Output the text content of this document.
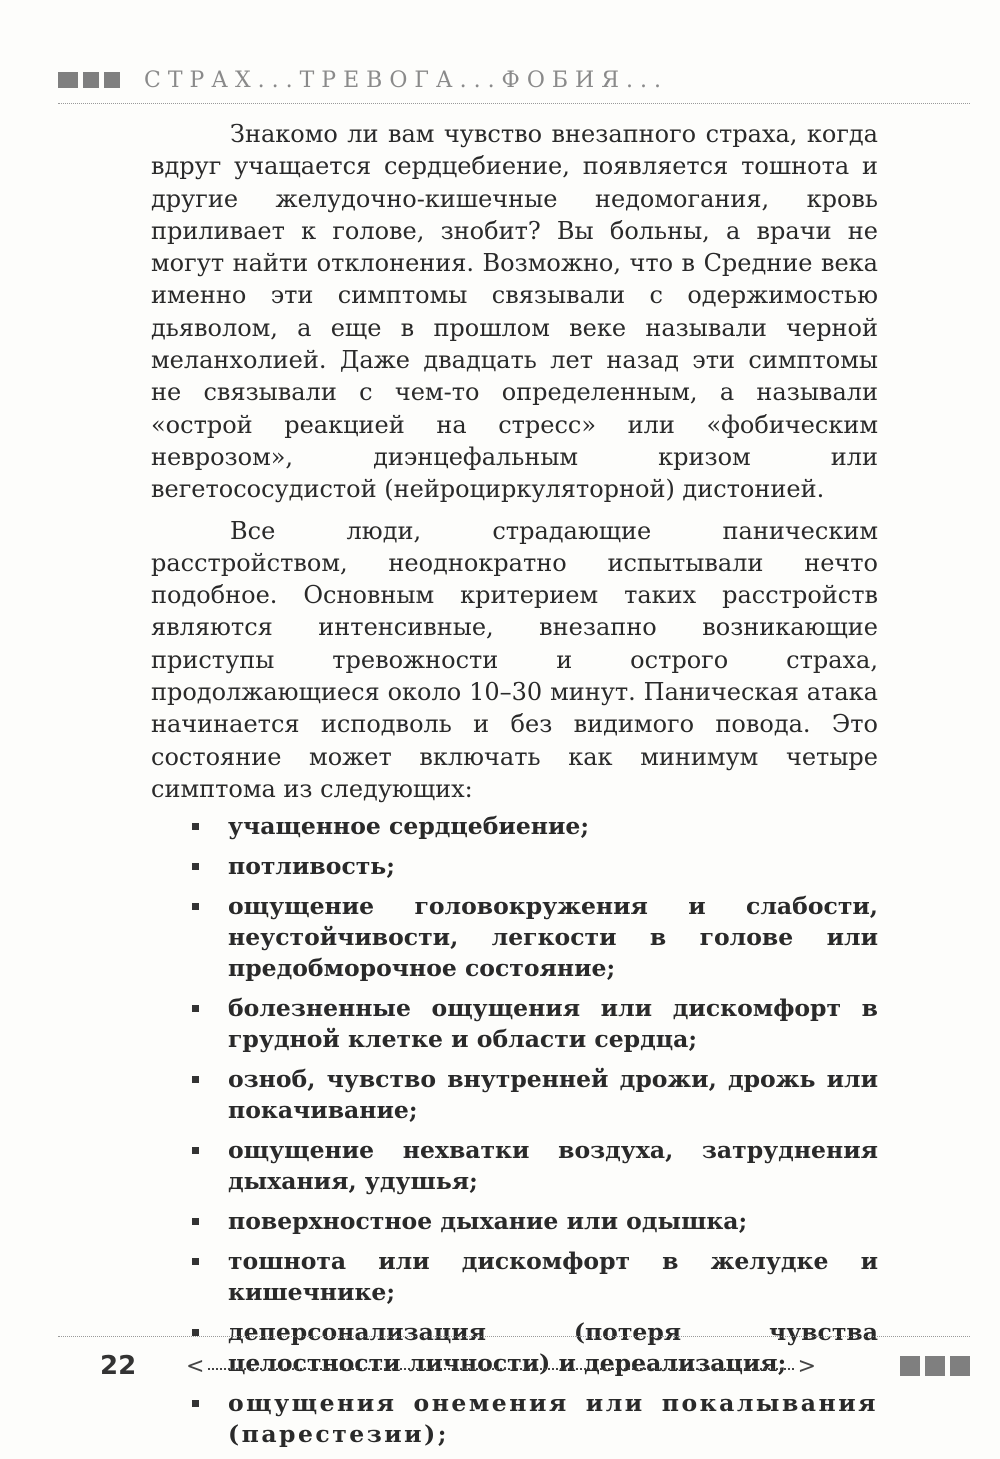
СТРАХ...ТРЕВОГА...ФОБИЯ...

Знакомо ли вам чувство внезапного страха, когда вдруг учащается сердцебиение, появляется тошнота и другие желудочно-кишечные недомогания, кровь приливает к голове, знобит? Вы больны, а врачи не могут найти отклонения. Возможно, что в Средние века именно эти симптомы связывали с одержимостью дьяволом, а еще в прошлом веке называли черной меланхолией. Даже двадцать лет назад эти симптомы не связывали с чем-то определенным, а называли «острой реакцией на стресс» или «фобическим неврозом», диэнцефальным кризом или вегетососудистой (нейроциркуляторной) дистонией.

Все люди, страдающие паническим расстройством, неоднократно испытывали нечто подобное. Основным критерием таких расстройств являются интенсивные, внезапно возникающие приступы тревожности и острого страха, продолжающиеся около 10–30 минут. Паническая атака начинается исподволь и без видимого повода. Это состояние может включать как минимум четыре симптома из следующих:

учащенное сердцебиение;
потливость;
ощущение головокружения и слабости, неустойчивости, легкости в голове или предобморочное состояние;
болезненные ощущения или дискомфорт в грудной клетке и области сердца;
озноб, чувство внутренней дрожи, дрожь или покачивание;
ощущение нехватки воздуха, затруднения дыхания, удушья;
поверхностное дыхание или одышка;
тошнота или дискомфорт в желудке и кишечнике;
деперсонализация (потеря чувства целостности личности) и дереализация;
ощущения онемения или покалывания (парестезии);
22	<	>
